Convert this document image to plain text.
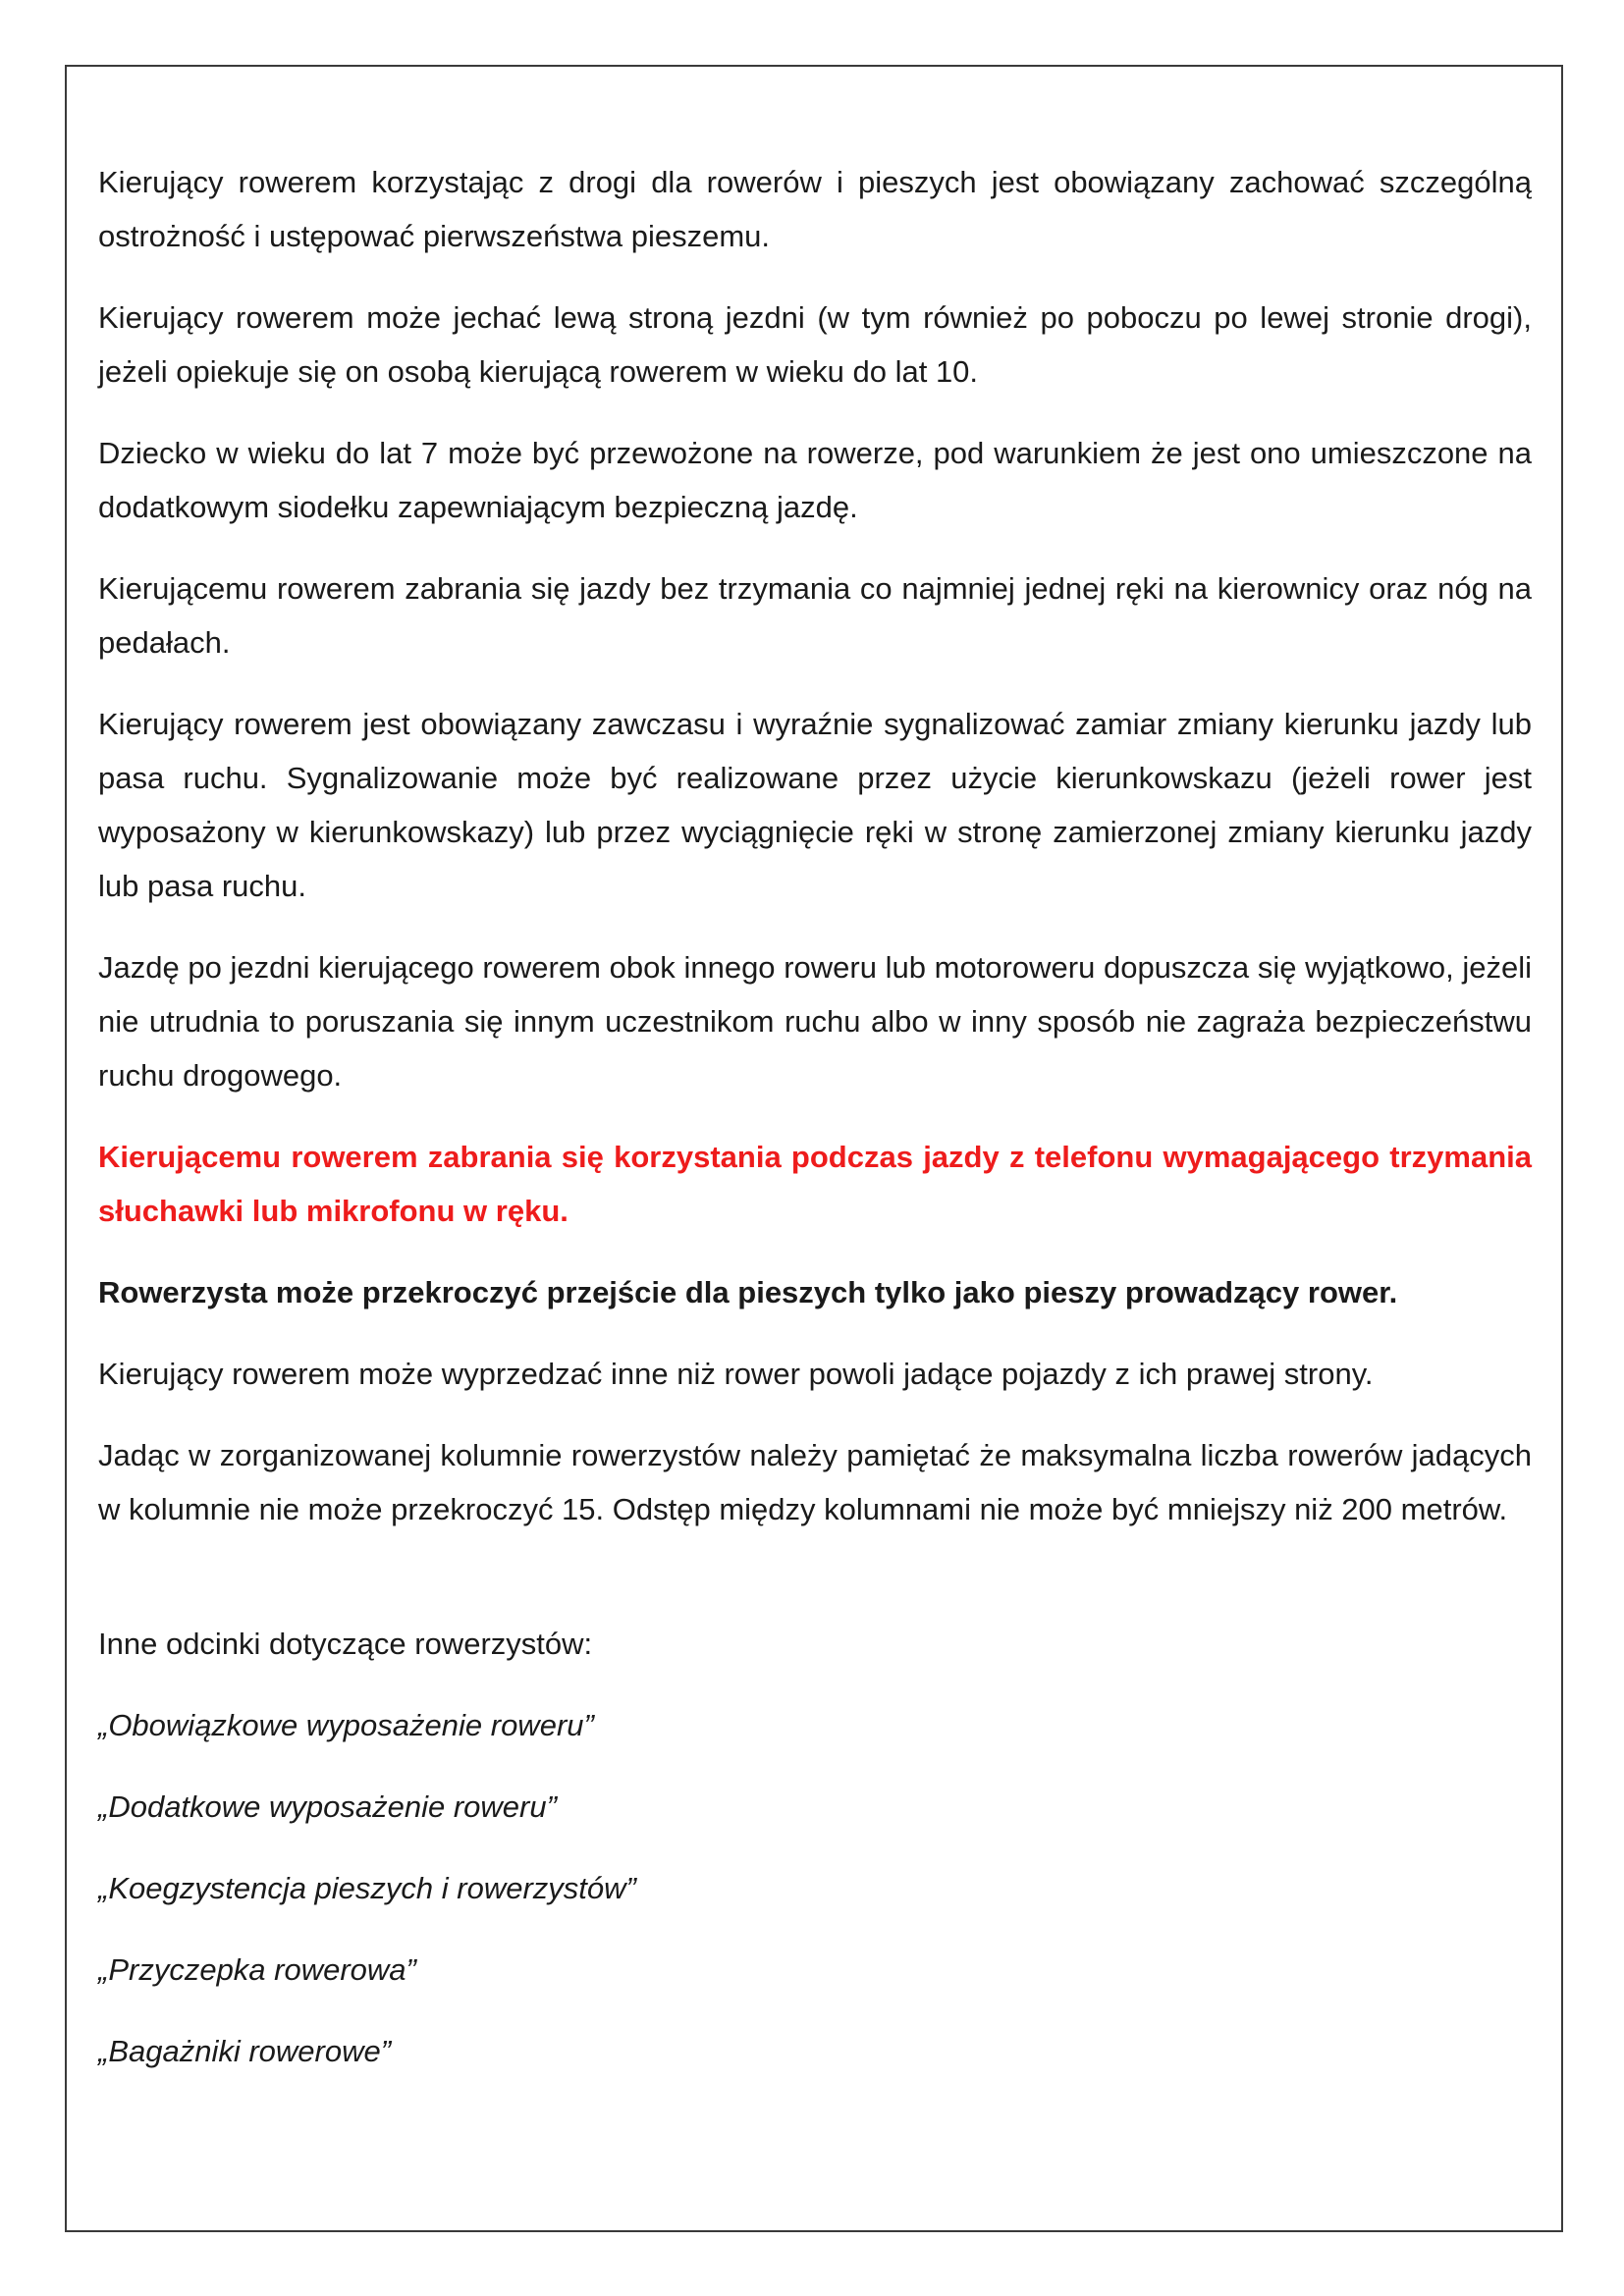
Kierujący rowerem korzystając z drogi dla rowerów i pieszych jest obowiązany zachować szczególną ostrożność i ustępować pierwszeństwa pieszemu.

Kierujący rowerem może jechać lewą stroną jezdni (w tym również po poboczu po lewej stronie drogi), jeżeli opiekuje się on osobą kierującą rowerem w wieku do lat 10.

Dziecko w wieku do lat 7 może być przewożone na rowerze, pod warunkiem że jest ono umieszczone na dodatkowym siodełku zapewniającym bezpieczną jazdę.

Kierującemu rowerem zabrania się jazdy bez trzymania co najmniej jednej ręki na kierownicy oraz nóg na pedałach.

Kierujący rowerem jest obowiązany zawczasu i wyraźnie sygnalizować zamiar zmiany kierunku jazdy lub pasa ruchu. Sygnalizowanie może być realizowane przez użycie kierunkowskazu (jeżeli rower jest wyposażony w kierunkowskazy) lub przez wyciągnięcie ręki w stronę zamierzonej zmiany kierunku jazdy lub pasa ruchu.

Jazdę po jezdni kierującego rowerem obok innego roweru lub motoroweru dopuszcza się wyjątkowo, jeżeli nie utrudnia to poruszania się innym uczestnikom ruchu albo w inny sposób nie zagraża bezpieczeństwu ruchu drogowego.

Kierującemu rowerem zabrania się korzystania podczas jazdy z telefonu wymagającego trzymania słuchawki lub mikrofonu w ręku.

Rowerzysta może przekroczyć przejście dla pieszych tylko jako pieszy prowadzący rower.

Kierujący rowerem może wyprzedzać inne niż rower powoli jadące pojazdy z ich prawej strony.

Jadąc w zorganizowanej kolumnie rowerzystów należy pamiętać że maksymalna liczba rowerów jadących w kolumnie nie może przekroczyć 15. Odstęp między kolumnami nie może być mniejszy niż 200 metrów.

Inne odcinki dotyczące rowerzystów:

„Obowiązkowe wyposażenie roweru”

„Dodatkowe wyposażenie roweru”

„Koegzystencja pieszych i rowerzystów”

„Przyczepka rowerowa”

„Bagażniki rowerowe”
